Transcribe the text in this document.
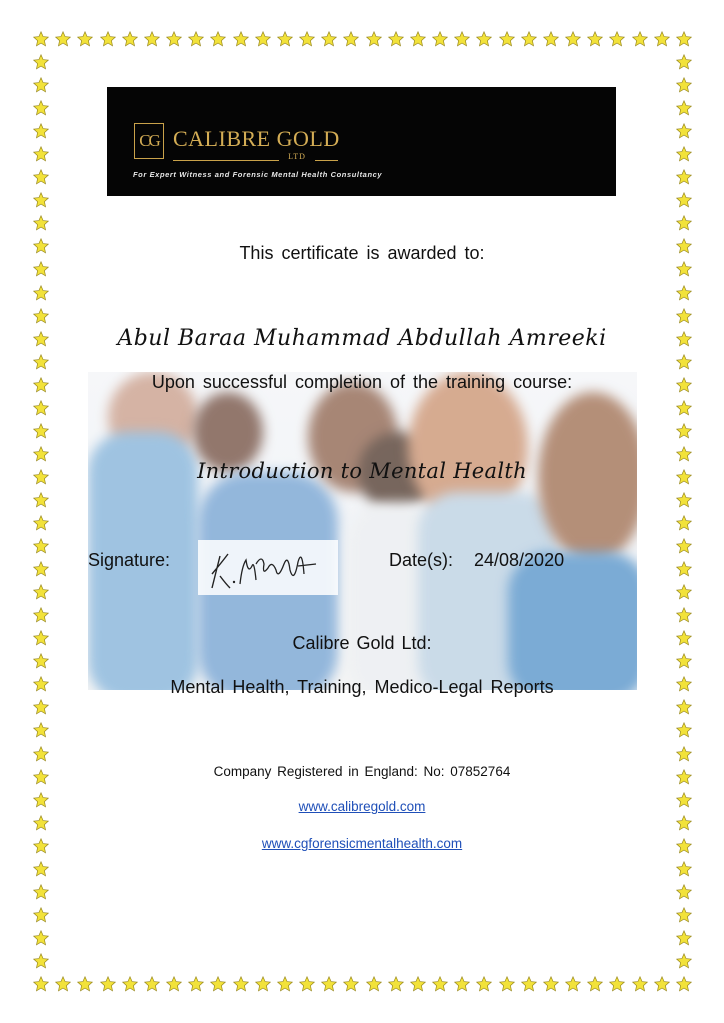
CG CALIBRE GOLD
LTD
For Expert Witness and Forensic Mental Health Consultancy
This certificate is awarded to:
Abul Baraa Muhammad Abdullah Amreeki
Upon successful completion of the training course:
Introduction to Mental Health
Signature:	Date(s): 24/08/2020
Calibre Gold Ltd:
Mental Health, Training, Medico-Legal Reports
Company Registered in England: No: 07852764
www.calibregold.com
www.cgforensicmentalhealth.com
